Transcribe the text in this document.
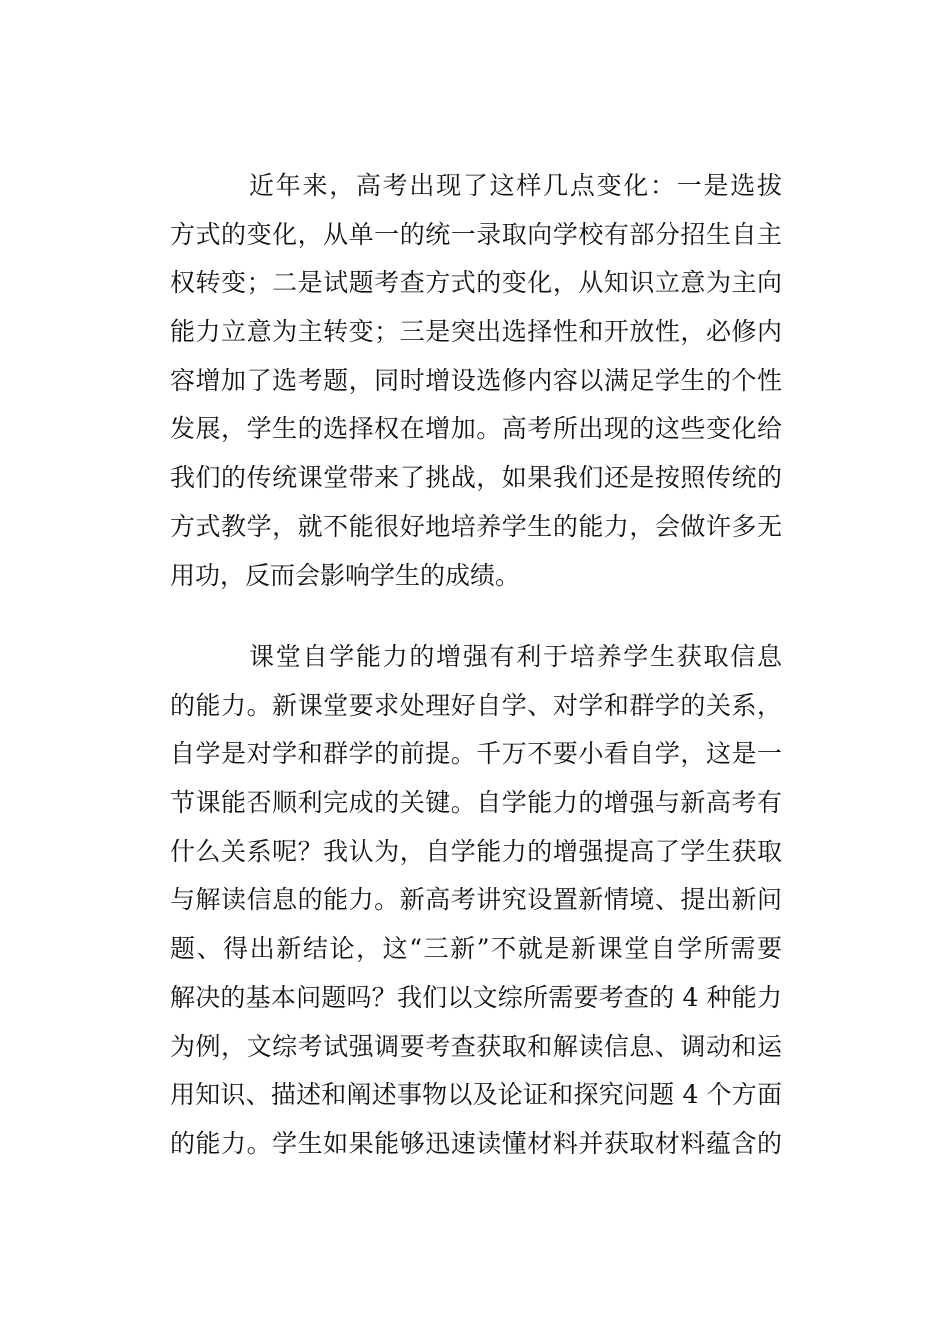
近年来，高考出现了这样几点变化：一是选拔
方式的变化，从单一的统一录取向学校有部分招生自主
权转变；二是试题考查方式的变化，从知识立意为主向
能力立意为主转变；三是突出选择性和开放性，必修内
容增加了选考题，同时增设选修内容以满足学生的个性
发展，学生的选择权在增加。高考所出现的这些变化给
我们的传统课堂带来了挑战，如果我们还是按照传统的
方式教学，就不能很好地培养学生的能力，会做许多无
用功，反而会影响学生的成绩。
课堂自学能力的增强有利于培养学生获取信息
的能力。新课堂要求处理好自学、对学和群学的关系，
自学是对学和群学的前提。千万不要小看自学，这是一
节课能否顺利完成的关键。自学能力的增强与新高考有
什么关系呢？我认为，自学能力的增强提高了学生获取
与解读信息的能力。新高考讲究设置新情境、提出新问
题、得出新结论，这“三新”不就是新课堂自学所需要
解决的基本问题吗？我们以文综所需要考查的 4 种能力
为例，文综考试强调要考查获取和解读信息、调动和运
用知识、描述和阐述事物以及论证和探究问题 4 个方面
的能力。学生如果能够迅速读懂材料并获取材料蕴含的
